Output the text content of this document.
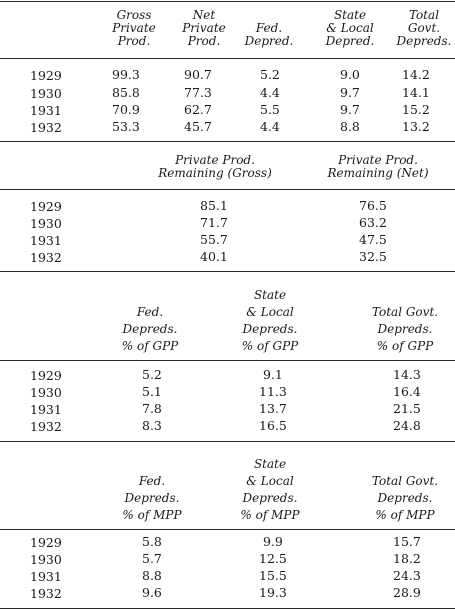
Gross
Private
Prod.
Net
Private
Prod.
Fed.
Depred.
State
& Local
Depred.
Total
Govt.
Depreds.
1929	99.3	90.7	5.2	9.0	14.2
1930	85.8	77.3	4.4	9.7	14.1
1931	70.9	62.7	5.5	9.7	15.2
1932	53.3	45.7	4.4	8.8	13.2
Private Prod.
Remaining (Gross)
Private Prod.
Remaining (Net)
1929	85.1	76.5
1930	71.7	63.2
1931	55.7	47.5
1932	40.1	32.5
Fed.
Depreds.
% of GPP
State
& Local
Depreds.
% of GPP
Total Govt.
Depreds.
% of GPP
1929	5.2	9.1	14.3
1930	5.1	11.3	16.4
1931	7.8	13.7	21.5
1932	8.3	16.5	24.8
Fed.
Depreds.
% of MPP
State
& Local
Depreds.
% of MPP
Total Govt.
Depreds.
% of MPP
1929	5.8	9.9	15.7
1930	5.7	12.5	18.2
1931	8.8	15.5	24.3
1932	9.6	19.3	28.9
